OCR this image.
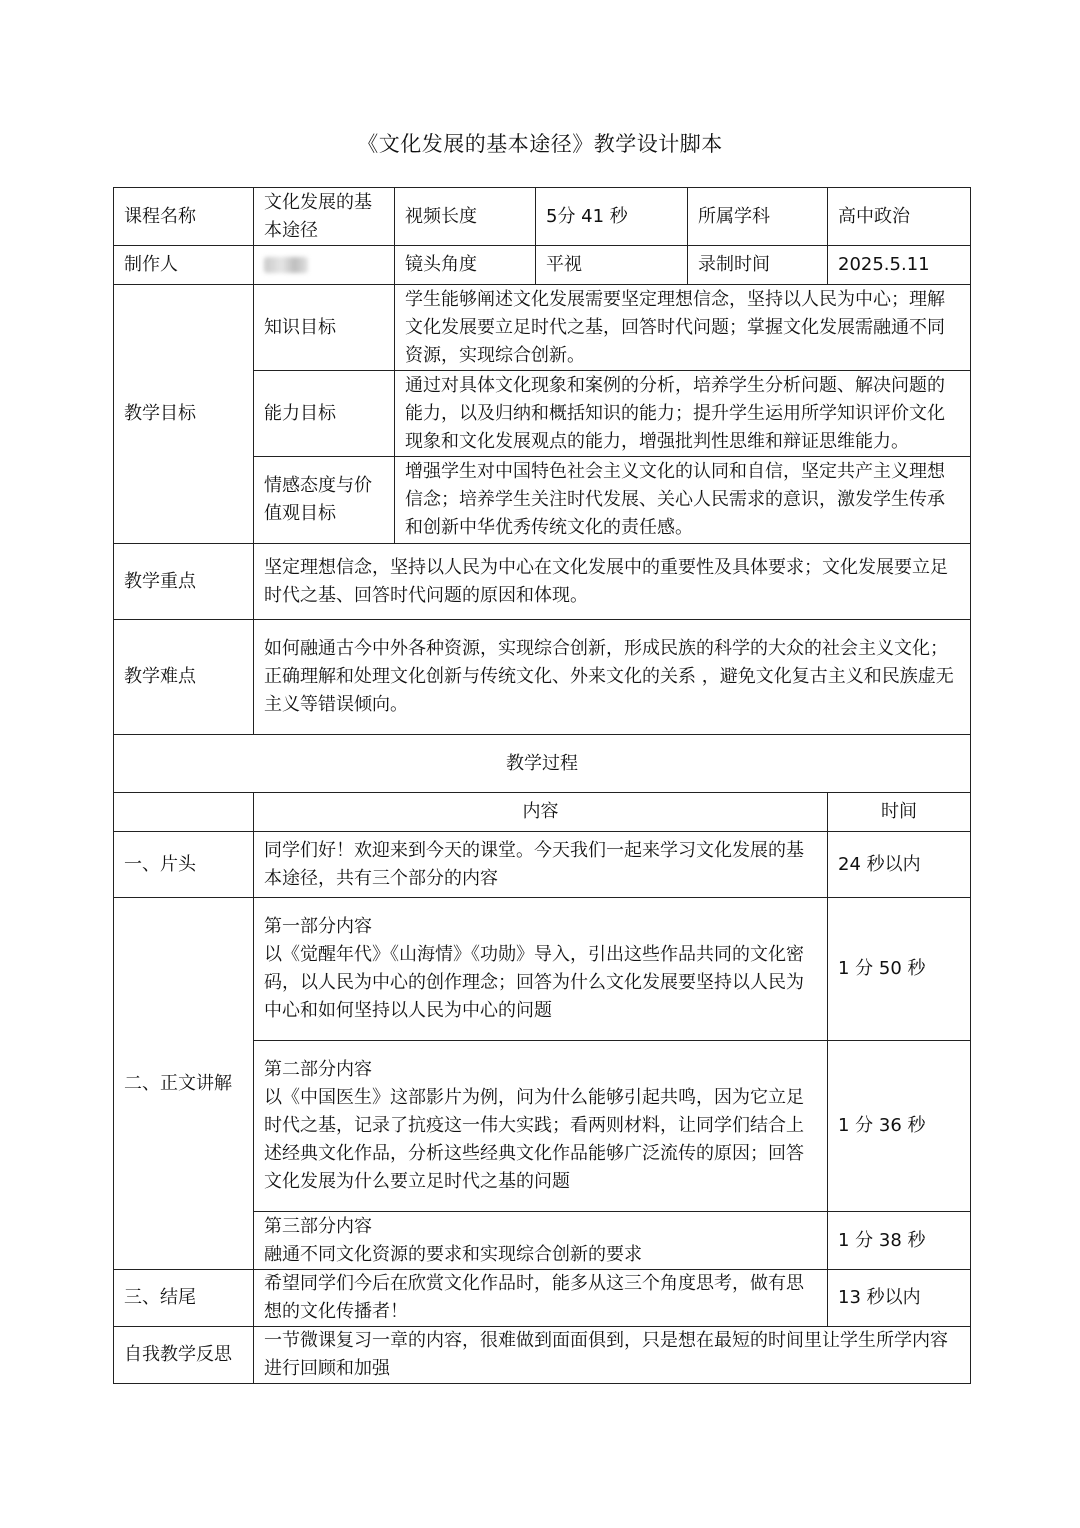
《文化发展的基本途径》教学设计脚本
课程名称	文化发展的基本途径	视频长度	5分 41 秒	所属学科	高中政治
制作人		镜头角度	平视	录制时间	2025.5.11
教学目标	知识目标	学生能够阐述文化发展需要坚定理想信念，坚持以人民为中心；理解文化发展要立足时代之基，回答时代问题；掌握文化发展需融通不同资源，实现综合创新。			
	能力目标	通过对具体文化现象和案例的分析，培养学生分析问题、解决问题的能力，以及归纳和概括知识的能力；提升学生运用所学知识评价文化现象和文化发展观点的能力，增强批判性思维和辩证思维能力。			
	情感态度与价值观目标	增强学生对中国特色社会主义文化的认同和自信，坚定共产主义理想信念；培养学生关注时代发展、关心人民需求的意识，激发学生传承和创新中华优秀传统文化的责任感。			
教学重点	坚定理想信念，坚持以人民为中心在文化发展中的重要性及具体要求；文化发展要立足时代之基、回答时代问题的原因和体现。				
教学难点	如何融通古今中外各种资源，实现综合创新，形成民族的科学的大众的社会主义文化；正确理解和处理文化创新与传统文化、外来文化的关系 ，避免文化复古主义和民族虚无主义等错误倾向。				
教学过程					
	内容				时间
一、片头	同学们好！欢迎来到今天的课堂。今天我们一起来学习文化发展的基本途径，共有三个部分的内容				24 秒以内
二、正文讲解	第一部分内容
以《觉醒年代》《山海情》《功勋》导入，引出这些作品共同的文化密码，以人民为中心的创作理念；回答为什么文化发展要坚持以人民为中心和如何坚持以人民为中心的问题				1 分 50 秒

	第二部分内容
以《中国医生》这部影片为例，问为什么能够引起共鸣，因为它立足时代之基，记录了抗疫这一伟大实践；看两则材料，让同学们结合上述经典文化作品，分析这些经典文化作品能够广泛流传的原因；回答文化发展为什么要立足时代之基的问题				1 分 36 秒

	第三部分内容
融通不同文化资源的要求和实现综合创新的要求				1 分 38 秒
三、结尾	希望同学们今后在欣赏文化作品时，能多从这三个角度思考，做有思想的文化传播者！				13 秒以内
自我教学反思	一节微课复习一章的内容，很难做到面面俱到，只是想在最短的时间里让学生所学内容进行回顾和加强				
